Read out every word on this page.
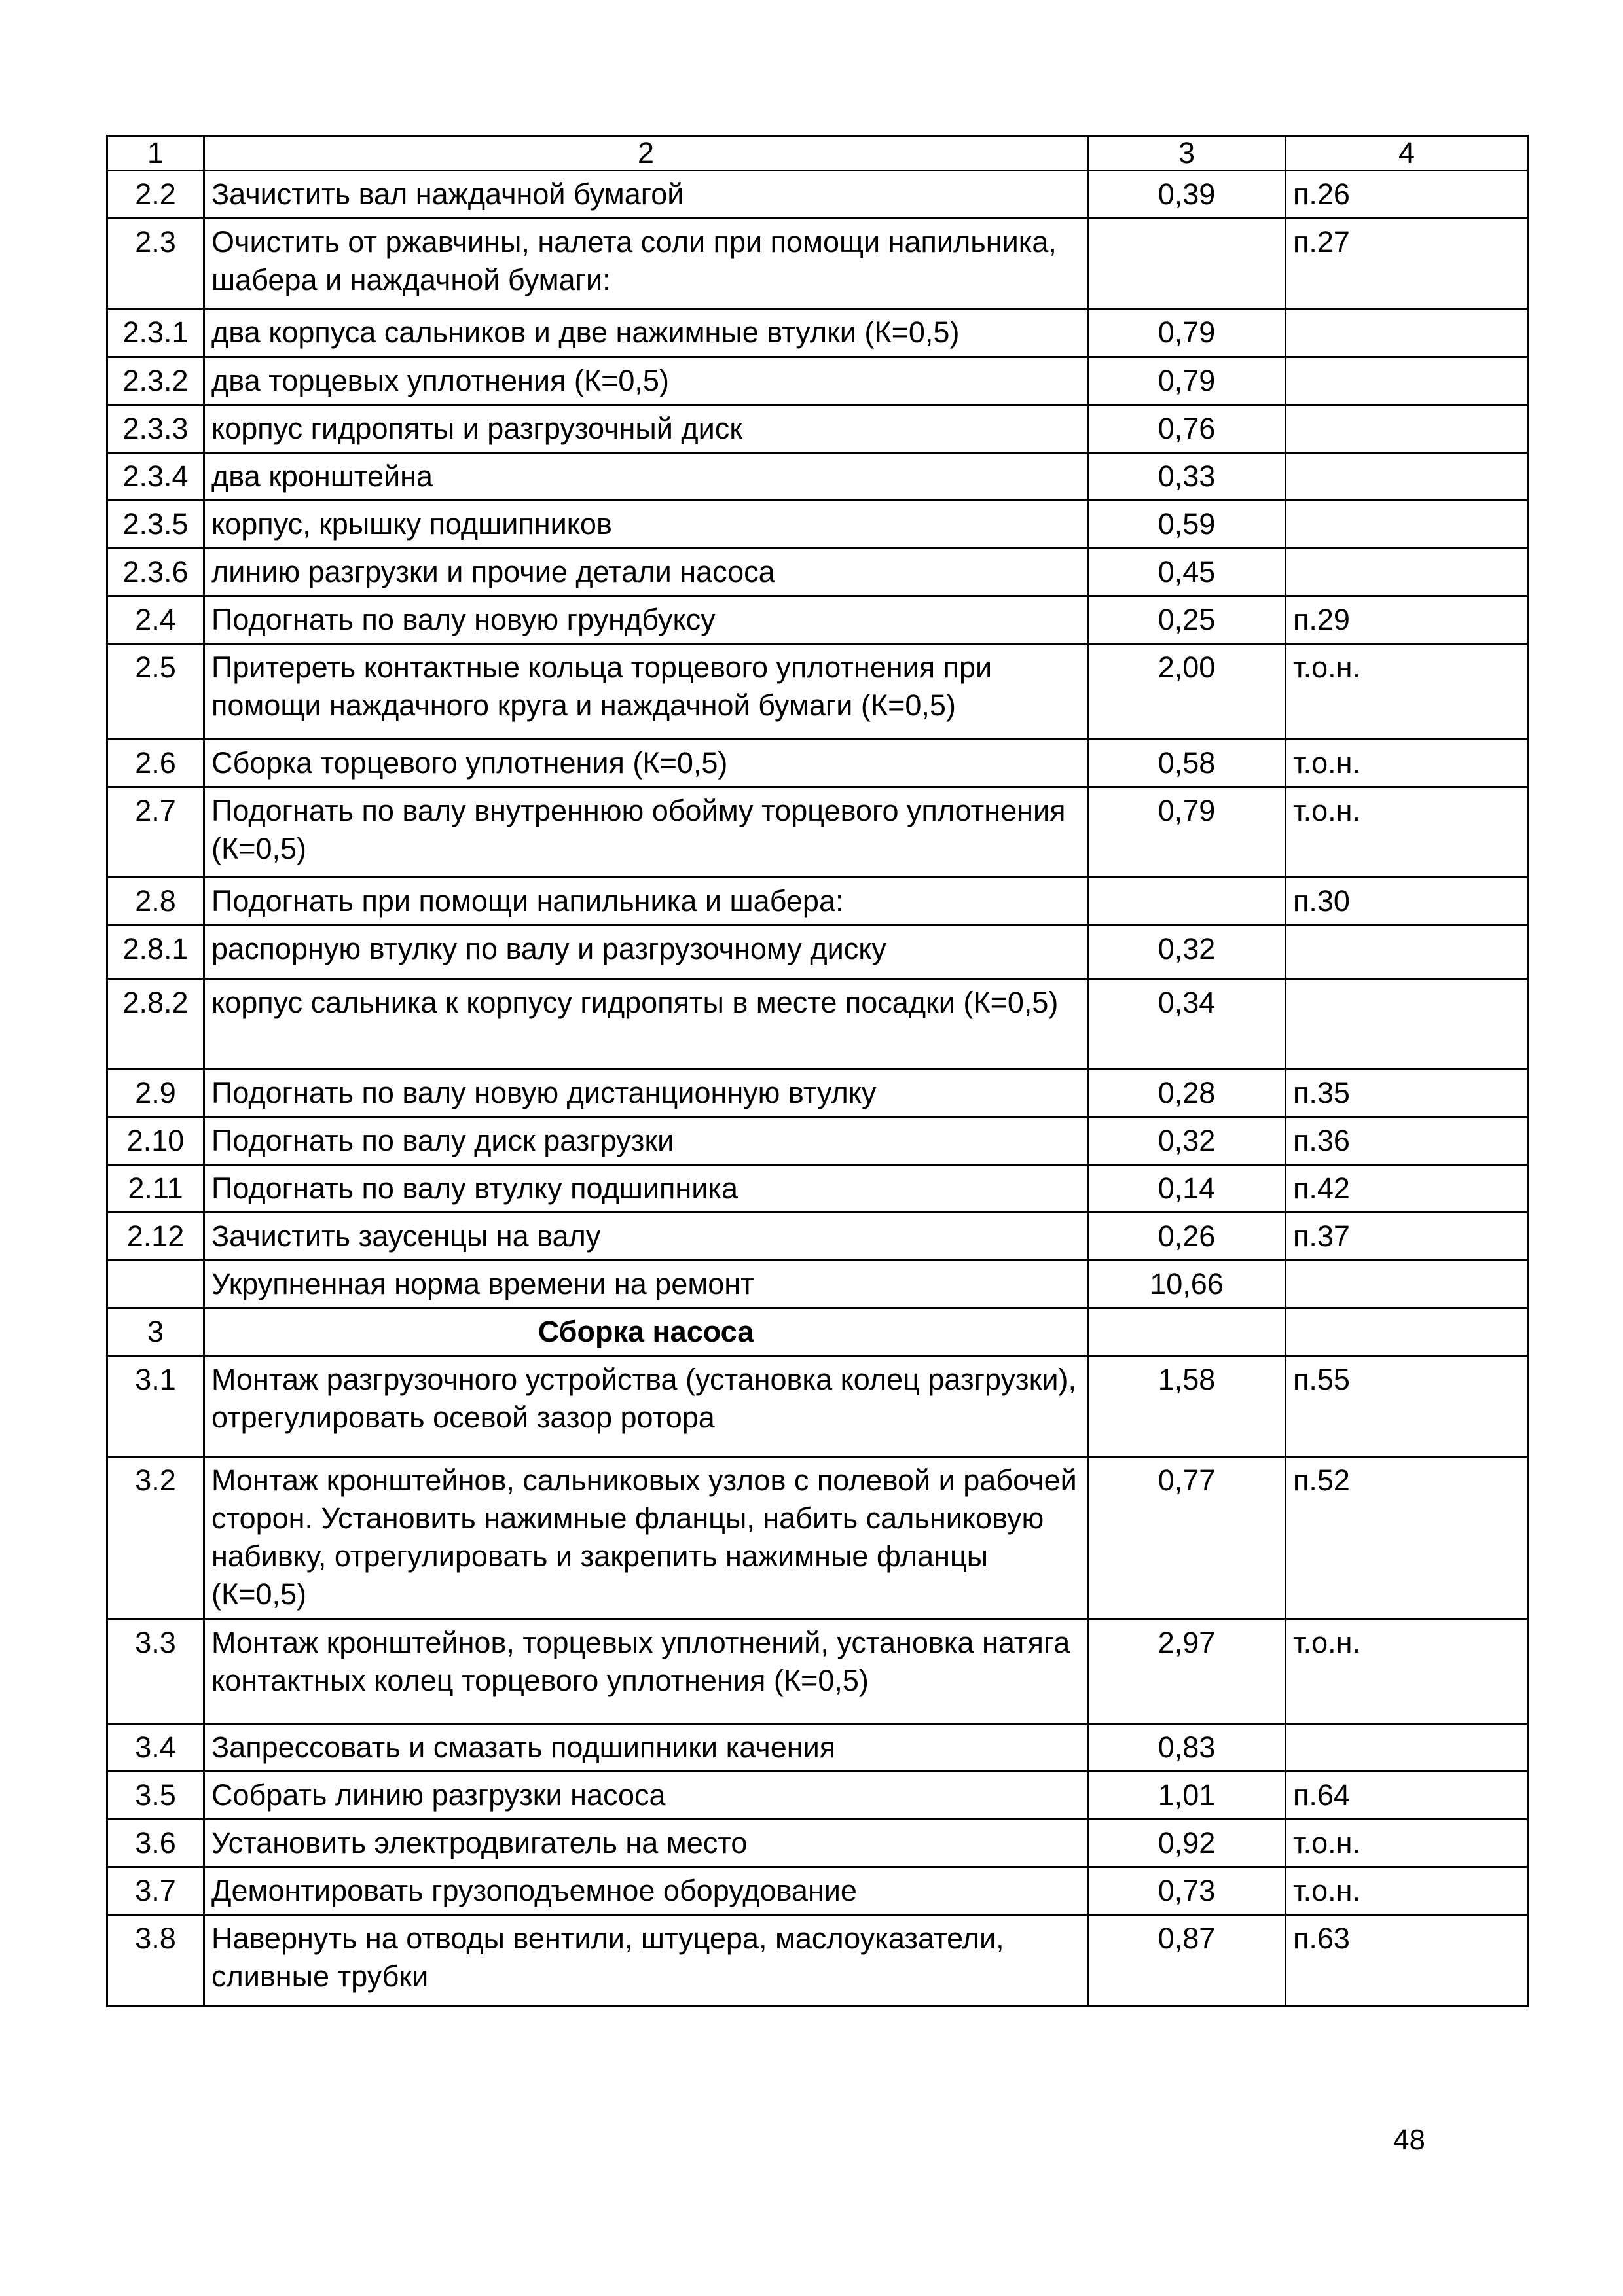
1	2	3	4
2.2	Зачистить вал наждачной бумагой	0,39	п.26
2.3	Очистить от ржавчины, налета соли при помощи напильника, шабера и наждачной бумаги:		п.27
2.3.1	два корпуса сальников и две нажимные втулки (К=0,5)	0,79	
2.3.2	два торцевых уплотнения (К=0,5)	0,79	
2.3.3	корпус гидропяты и разгрузочный диск	0,76	
2.3.4	два кронштейна	0,33	
2.3.5	корпус, крышку подшипников	0,59	
2.3.6	линию разгрузки и прочие детали насоса	0,45	
2.4	Подогнать по валу новую грундбуксу	0,25	п.29
2.5	Притереть контактные кольца торцевого уплотнения при помощи наждачного круга и наждачной бумаги (К=0,5)	2,00	т.о.н.
2.6	Сборка торцевого уплотнения (К=0,5)	0,58	т.о.н.
2.7	Подогнать по валу внутреннюю обойму торцевого уплотнения (К=0,5)	0,79	т.о.н.
2.8	Подогнать при помощи напильника и шабера:		п.30
2.8.1	распорную втулку по валу и разгрузочному диску	0,32	
2.8.2	корпус сальника к корпусу гидропяты в месте посадки (К=0,5)	0,34	
2.9	Подогнать по валу новую дистанционную втулку	0,28	п.35
2.10	Подогнать по валу диск разгрузки	0,32	п.36
2.11	Подогнать по валу втулку подшипника	0,14	п.42
2.12	Зачистить заусенцы на валу	0,26	п.37
	Укрупненная норма времени на ремонт	10,66	
3	Сборка насоса		
3.1	Монтаж разгрузочного устройства (установка колец разгрузки), отрегулировать осевой зазор ротора	1,58	п.55
3.2	Монтаж кронштейнов, сальниковых узлов с полевой и рабочей сторон. Установить нажимные фланцы, набить сальниковую набивку, отрегулировать и закрепить нажимные фланцы (К=0,5)	0,77	п.52
3.3	Монтаж кронштейнов, торцевых уплотнений, установка натяга контактных колец торцевого уплотнения (К=0,5)	2,97	т.о.н.
3.4	Запрессовать и смазать подшипники качения	0,83	
3.5	Собрать линию разгрузки насоса	1,01	п.64
3.6	Установить электродвигатель на место	0,92	т.о.н.
3.7	Демонтировать грузоподъемное оборудование	0,73	т.о.н.
3.8	Навернуть на отводы вентили, штуцера, маслоуказатели, сливные трубки	0,87	п.63
48
